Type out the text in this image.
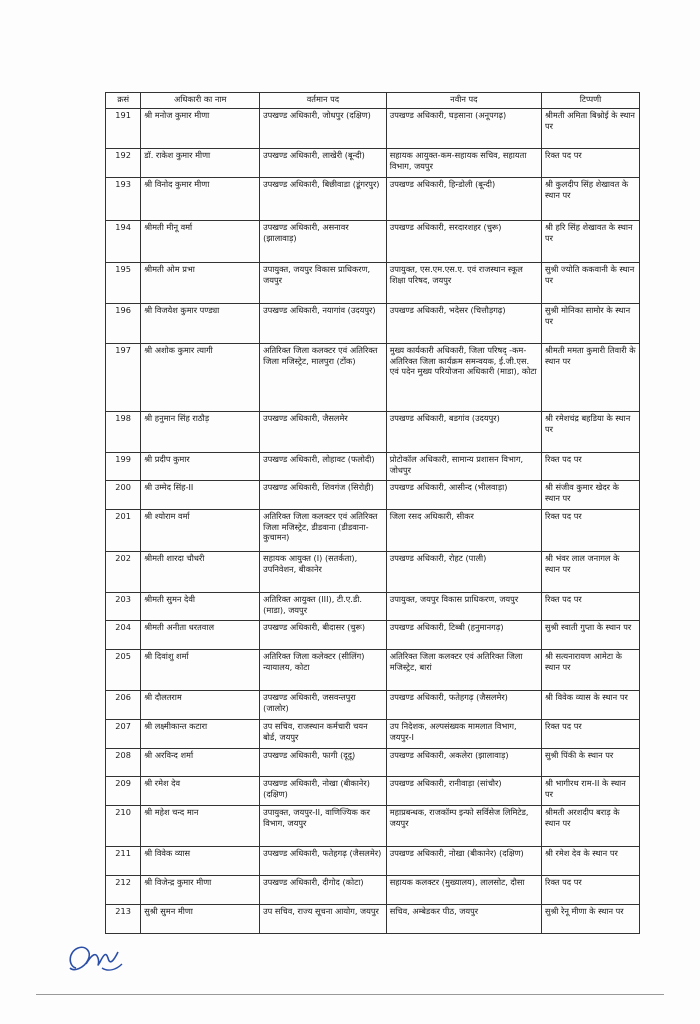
क्रसं	अधिकारी का नाम	वर्तमान पद	नवीन पद	टिप्पणी
191	श्री मनोज कुमार मीणा	उपखण्ड अधिकारी, जोधपुर (दक्षिण)	उपखण्ड अधिकारी, घड़साना (अनूपगढ़)	श्रीमती अमिता बिश्नोई के स्थान पर
192	डॉ. राकेश कुमार मीणा	उपखण्ड अधिकारी, लाखेरी (बून्दी)	सहायक आयुक्त-कम-सहायक सचिव, सहायता विभाग, जयपुर	रिक्त पद पर
193	श्री विनोद कुमार मीणा	उपखण्ड अधिकारी, बिछीवाडा (डूंगरपुर)	उपखण्ड अधिकारी, हिन्डोली (बून्दी)	श्री कुलदीप सिंह शेखावत के स्थान पर
194	श्रीमती मीनू वर्मा	उपखण्ड अधिकारी, असनावर (झालावाड़)	उपखण्ड अधिकारी, सरदारशहर (चुरू)	श्री हरि सिंह शेखावत के स्थान पर
195	श्रीमती ओम प्रभा	उपायुक्त, जयपुर विकास प्राधिकरण, जयपुर	उपायुक्त, एस.एम.एस.ए. एवं राजस्थान स्कूल शिक्षा परिषद, जयपुर	सुश्री ज्योति ककवानी के स्थान पर
196	श्री विजयेश कुमार पण्ड्या	उपखण्ड अधिकारी, नयागांव (उदयपुर)	उपखण्ड अधिकारी, भदेसर (चित्तौड़गढ़)	सुश्री मोनिका सामोर के स्थान पर
197	श्री अशोक कुमार त्यागी	अतिरिक्त जिला कलक्टर एवं अतिरिक्त जिला मजिस्ट्रेट, मालपुरा (टोंक)	मुख्य कार्यकारी अधिकारी, जिला परिषद् -कम- अतिरिक्त जिला कार्यक्रम समन्वयक, ई.जी.एस. एवं पदेन मुख्य परियोजना अधिकारी (माडा), कोटा	श्रीमती ममता कुमारी तिवारी के स्थान पर
198	श्री हनुमान सिंह राठौड़	उपखण्ड अधिकारी, जैसलमेर	उपखण्ड अधिकारी, बडगांव (उदयपुर)	श्री रमेशचंद्र बहडिया के स्थान पर
199	श्री प्रदीप कुमार	उपखण्ड अधिकारी, लोहावट (फलोदी)	प्रोटोकॉल अधिकारी, सामान्य प्रशासन विभाग, जोधपुर	रिक्त पद पर
200	श्री उम्मेद सिंह-II	उपखण्ड अधिकारी, शिवगंज (सिरोही)	उपखण्ड अधिकारी, आसीन्द (भीलवाड़ा)	श्री संजीव कुमार खेदर के स्थान पर
201	श्री श्योराम वर्मा	अतिरिक्त जिला कलक्टर एवं अतिरिक्त जिला मजिस्ट्रेट, डीडवाना (डीडवाना-कुचामन)	जिला रसद अधिकारी, सीकर	रिक्त पद पर
202	श्रीमती शारदा चौधरी	सहायक आयुक्त (I) (सतर्कता), उपनिवेशन, बीकानेर	उपखण्ड अधिकारी, रोहट (पाली)	श्री भंवर लाल जनागल के स्थान पर
203	श्रीमती सुमन देवी	अतिरिक्त आयुक्त (III), टी.ए.डी. (माडा), जयपुर	उपायुक्त, जयपुर विकास प्राधिकरण, जयपुर	रिक्त पद पर
204	श्रीमती अनीता धरतवाल	उपखण्ड अधिकारी, बीदासर (चुरू)	उपखण्ड अधिकारी, टिब्बी (हनुमानगढ़)	सुश्री स्वाती गुप्ता के स्थान पर
205	श्री दिवांशु शर्मा	अतिरिक्त जिला कलेक्टर (सीलिंग) न्यायालय, कोटा	अतिरिक्त जिला कलक्टर एवं अतिरिक्त जिला मजिस्ट्रेट, बारां	श्री सत्यनारायण आमेटा के स्थान पर
206	श्री दौलतराम	उपखण्ड अधिकारी, जसवन्तपुरा (जालोर)	उपखण्ड अधिकारी, फतेहगढ़ (जैसलमेर)	श्री विवेक व्यास के स्थान पर
207	श्री लक्ष्मीकान्त कटारा	उप सचिव, राजस्थान कर्मचारी चयन बोर्ड, जयपुर	उप निदेशक, अल्पसंख्यक मामलात विभाग, जयपुर-I	रिक्त पद पर
208	श्री अरविन्द शर्मा	उपखण्ड अधिकारी, फागी (दूदू)	उपखण्ड अधिकारी, अकलेरा (झालावाड़)	सुश्री पिंकी के स्थान पर
209	श्री रमेश देव	उपखण्ड अधिकारी, नोखा (बीकानेर) (दक्षिण)	उपखण्ड अधिकारी, रानीवाड़ा (सांचौर)	श्री भागीरथ राम-II के स्थान पर
210	श्री महेश चन्द मान	उपायुक्त, जयपुर-II, वाणिज्यिक कर विभाग, जयपुर	महाप्रबन्धक, राजकॉम्प इन्फो सर्विसेज लिमिटेड, जयपुर	श्रीमती अरशदीप बराड़ के स्थान पर
211	श्री विवेक व्यास	उपखण्ड अधिकारी, फतेहगढ़ (जैसलमेर)	उपखण्ड अधिकारी, नोखा (बीकानेर) (दक्षिण)	श्री रमेश देव के स्थान पर
212	श्री विजेन्द्र कुमार मीणा	उपखण्ड अधिकारी, दीगोद (कोटा)	सहायक कलक्टर (मुख्यालय), लालसोट, दौसा	रिक्त पद पर
213	सुश्री सुमन मीणा	उप सचिव, राज्य सूचना आयोग, जयपुर	सचिव, अम्बेडकर पीठ, जयपुर	सुश्री रेनू मीणा के स्थान पर
